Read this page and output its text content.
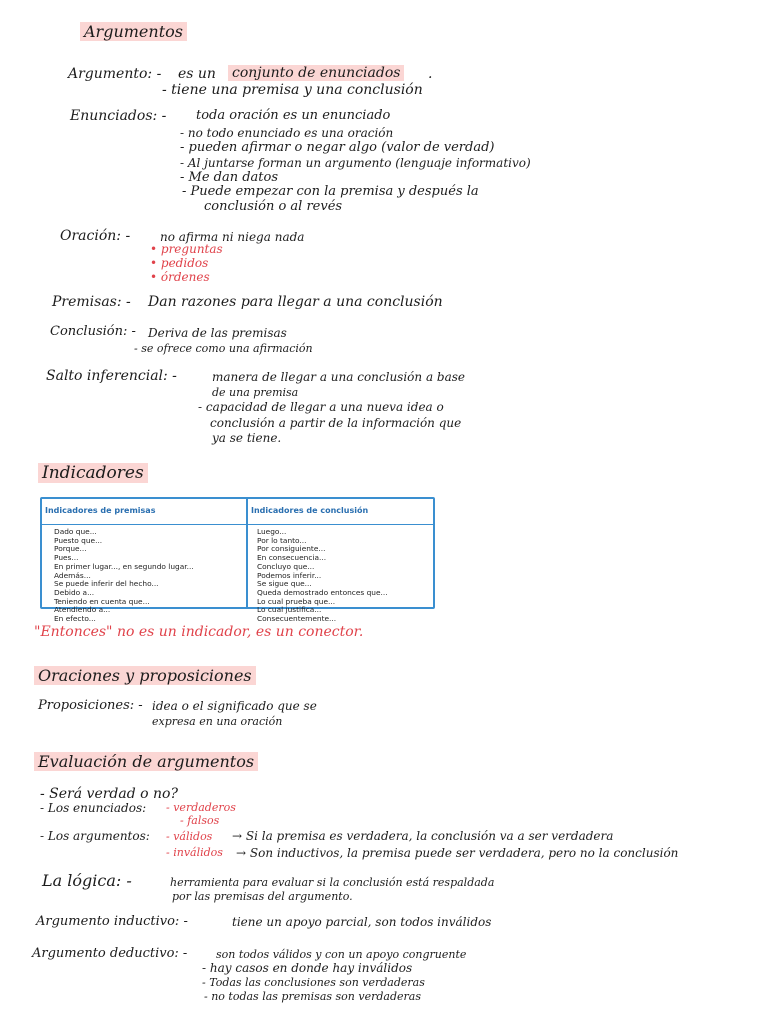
Argumentos
Argumento: - es un conjunto de enunciados .
- tiene una premisa y una conclusión
Enunciados: - toda oración es un enunciado
- no todo enunciado es una oración
- pueden afirmar o negar algo (valor de verdad)
- Al juntarse forman un argumento (lenguaje informativo)
- Me dan datos
- Puede empezar con la premisa y después la
conclusión o al revés
Oración: - no afirma ni niega nada
• preguntas
• pedidos
• órdenes
Premisas: - Dan razones para llegar a una conclusión
Conclusión: - Deriva de las premisas
- se ofrece como una afirmación
Salto inferencial: -	manera de llegar a una conclusión a base
de una premisa
- capacidad de llegar a una nueva idea o
conclusión a partir de la información que
ya se tiene.
Indicadores
Indicadores de premisas
Dado que...
Puesto que...
Porque...
Pues...
En primer lugar..., en segundo lugar...
Además...
Se puede inferir del hecho...
Debido a...
Teniendo en cuenta que...
Atendiendo a...
En efecto...
Indicadores de conclusión
Luego...
Por lo tanto...
Por consiguiente...
En consecuencia...
Concluyo que...
Podemos inferir...
Se sigue que...
Queda demostrado entonces que...
Lo cual prueba que...
Lo cual justifica...
Consecuentemente...
"Entonces" no es un indicador, es un conector.
Oraciones y proposiciones
Proposiciones: - idea o el significado que se
expresa en una oración
Evaluación de argumentos
- Será verdad o no?
- Los enunciados: - verdaderos
- falsos
- Los argumentos: - válidos → Si la premisa es verdadera, la conclusión va a ser verdadera
- inválidos → Son inductivos, la premisa puede ser verdadera, pero no la conclusión
La lógica: -	herramienta para evaluar si la conclusión está respaldada
por las premisas del argumento.
Argumento inductivo: -	tiene un apoyo parcial, son todos inválidos
Argumento deductivo: -	son todos válidos y con un apoyo congruente
- hay casos en donde hay inválidos
- Todas las conclusiones son verdaderas
- no todas las premisas son verdaderas
